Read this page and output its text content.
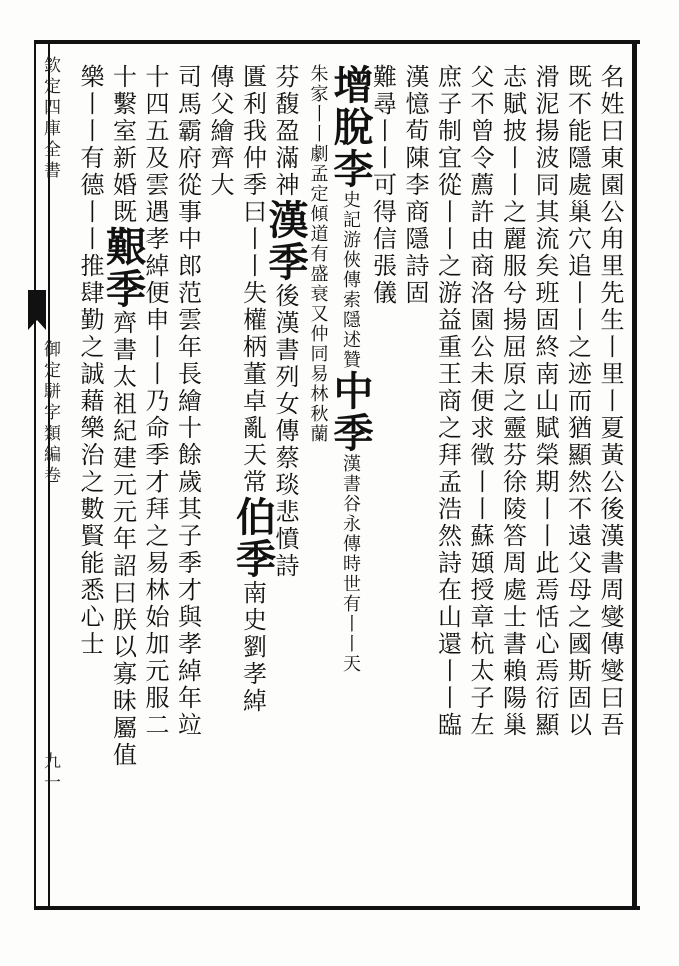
欽定四庫全書
御定駢字類編卷
九一
名姓曰東園公甪里先生丨里丨夏黃公後漢書周燮傳燮曰吾
既不能隱處巢穴追丨丨之迹而猶顯然不遠父母之國斯固以
滑泥揚波同其流矣班固終南山賦榮期丨丨此焉恬心焉衍顯
志賦披丨丨之麗服兮揚屈原之靈芬徐陵答周處士書賴陽巢
父不曾令薦許由商洛園公未便求徵丨丨蘇頲授章杭太子左
庶子制宜從丨丨之游益重王商之拜孟浩然詩在山還丨丨臨
漢憶荀陳李商隱詩固
難尋丨丨可得信張儀
增脫李史記游俠傳索隱述贊中季漢書谷永傳時世有丨丨天
朱家丨丨劇孟定傾道有盛衰又仲同易林秋蘭
芬馥盈滿神漢季後漢書列女傳蔡琰悲憤詩
匱利我仲季曰丨丨失權柄董卓亂天常伯季南史劉孝綽
傳父繪齊大
司馬霸府從事中郎范雲年長繪十餘歲其子季才與孝綽年竝
十四五及雲遇孝綽便申丨丨乃命季才拜之易林始加元服二
十繫室新婚既艱季齊書太祖紀建元元年詔曰朕以寡昧屬值
樂丨丨有德丨丨推肆勤之誠藉樂治之數賢能悉心士
